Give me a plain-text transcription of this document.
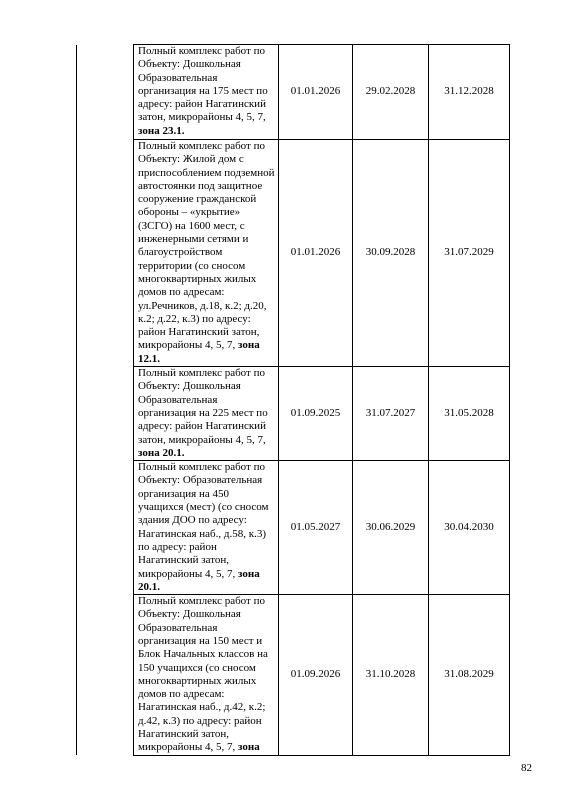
	Полный комплекс работ по Объекту: Дошкольная Образовательная организация на 175 мест по адресу: район Нагатинский затон, микрорайоны 4, 5, 7, зона 23.1.	01.01.2026	29.02.2028	31.12.2028
	Полный комплекс работ по Объекту: Жилой дом с приспособлением подземной автостоянки под защитное сооружение гражданской обороны – «укрытие» (ЗСГО) на 1600 мест, с инженерными сетями и благоустройством территории (со сносом многоквартирных жилых домов по адресам: ул.Речников, д.18, к.2; д.20, к.2; д.22, к.3) по адресу: район Нагатинский затон, микрорайоны 4, 5, 7, зона 12.1.	01.01.2026	30.09.2028	31.07.2029
	Полный комплекс работ по Объекту: Дошкольная Образовательная организация на 225 мест по адресу: район Нагатинский затон, микрорайоны 4, 5, 7, зона 20.1.	01.09.2025	31.07.2027	31.05.2028
	Полный комплекс работ по Объекту: Образовательная организация на 450 учащихся (мест) (со сносом здания ДОО по адресу: Нагатинская наб., д.58, к.3) по адресу: район Нагатинский затон, микрорайоны 4, 5, 7, зона 20.1.	01.05.2027	30.06.2029	30.04.2030
	Полный комплекс работ по Объекту: Дошкольная Образовательная организация на 150 мест и Блок Начальных классов на 150 учащихся (со сносом многоквартирных жилых домов по адресам: Нагатинская наб., д.42, к.2; д.42, к.3) по адресу: район Нагатинский затон, микрорайоны 4, 5, 7, зона	01.09.2026	31.10.2028	31.08.2029
82
